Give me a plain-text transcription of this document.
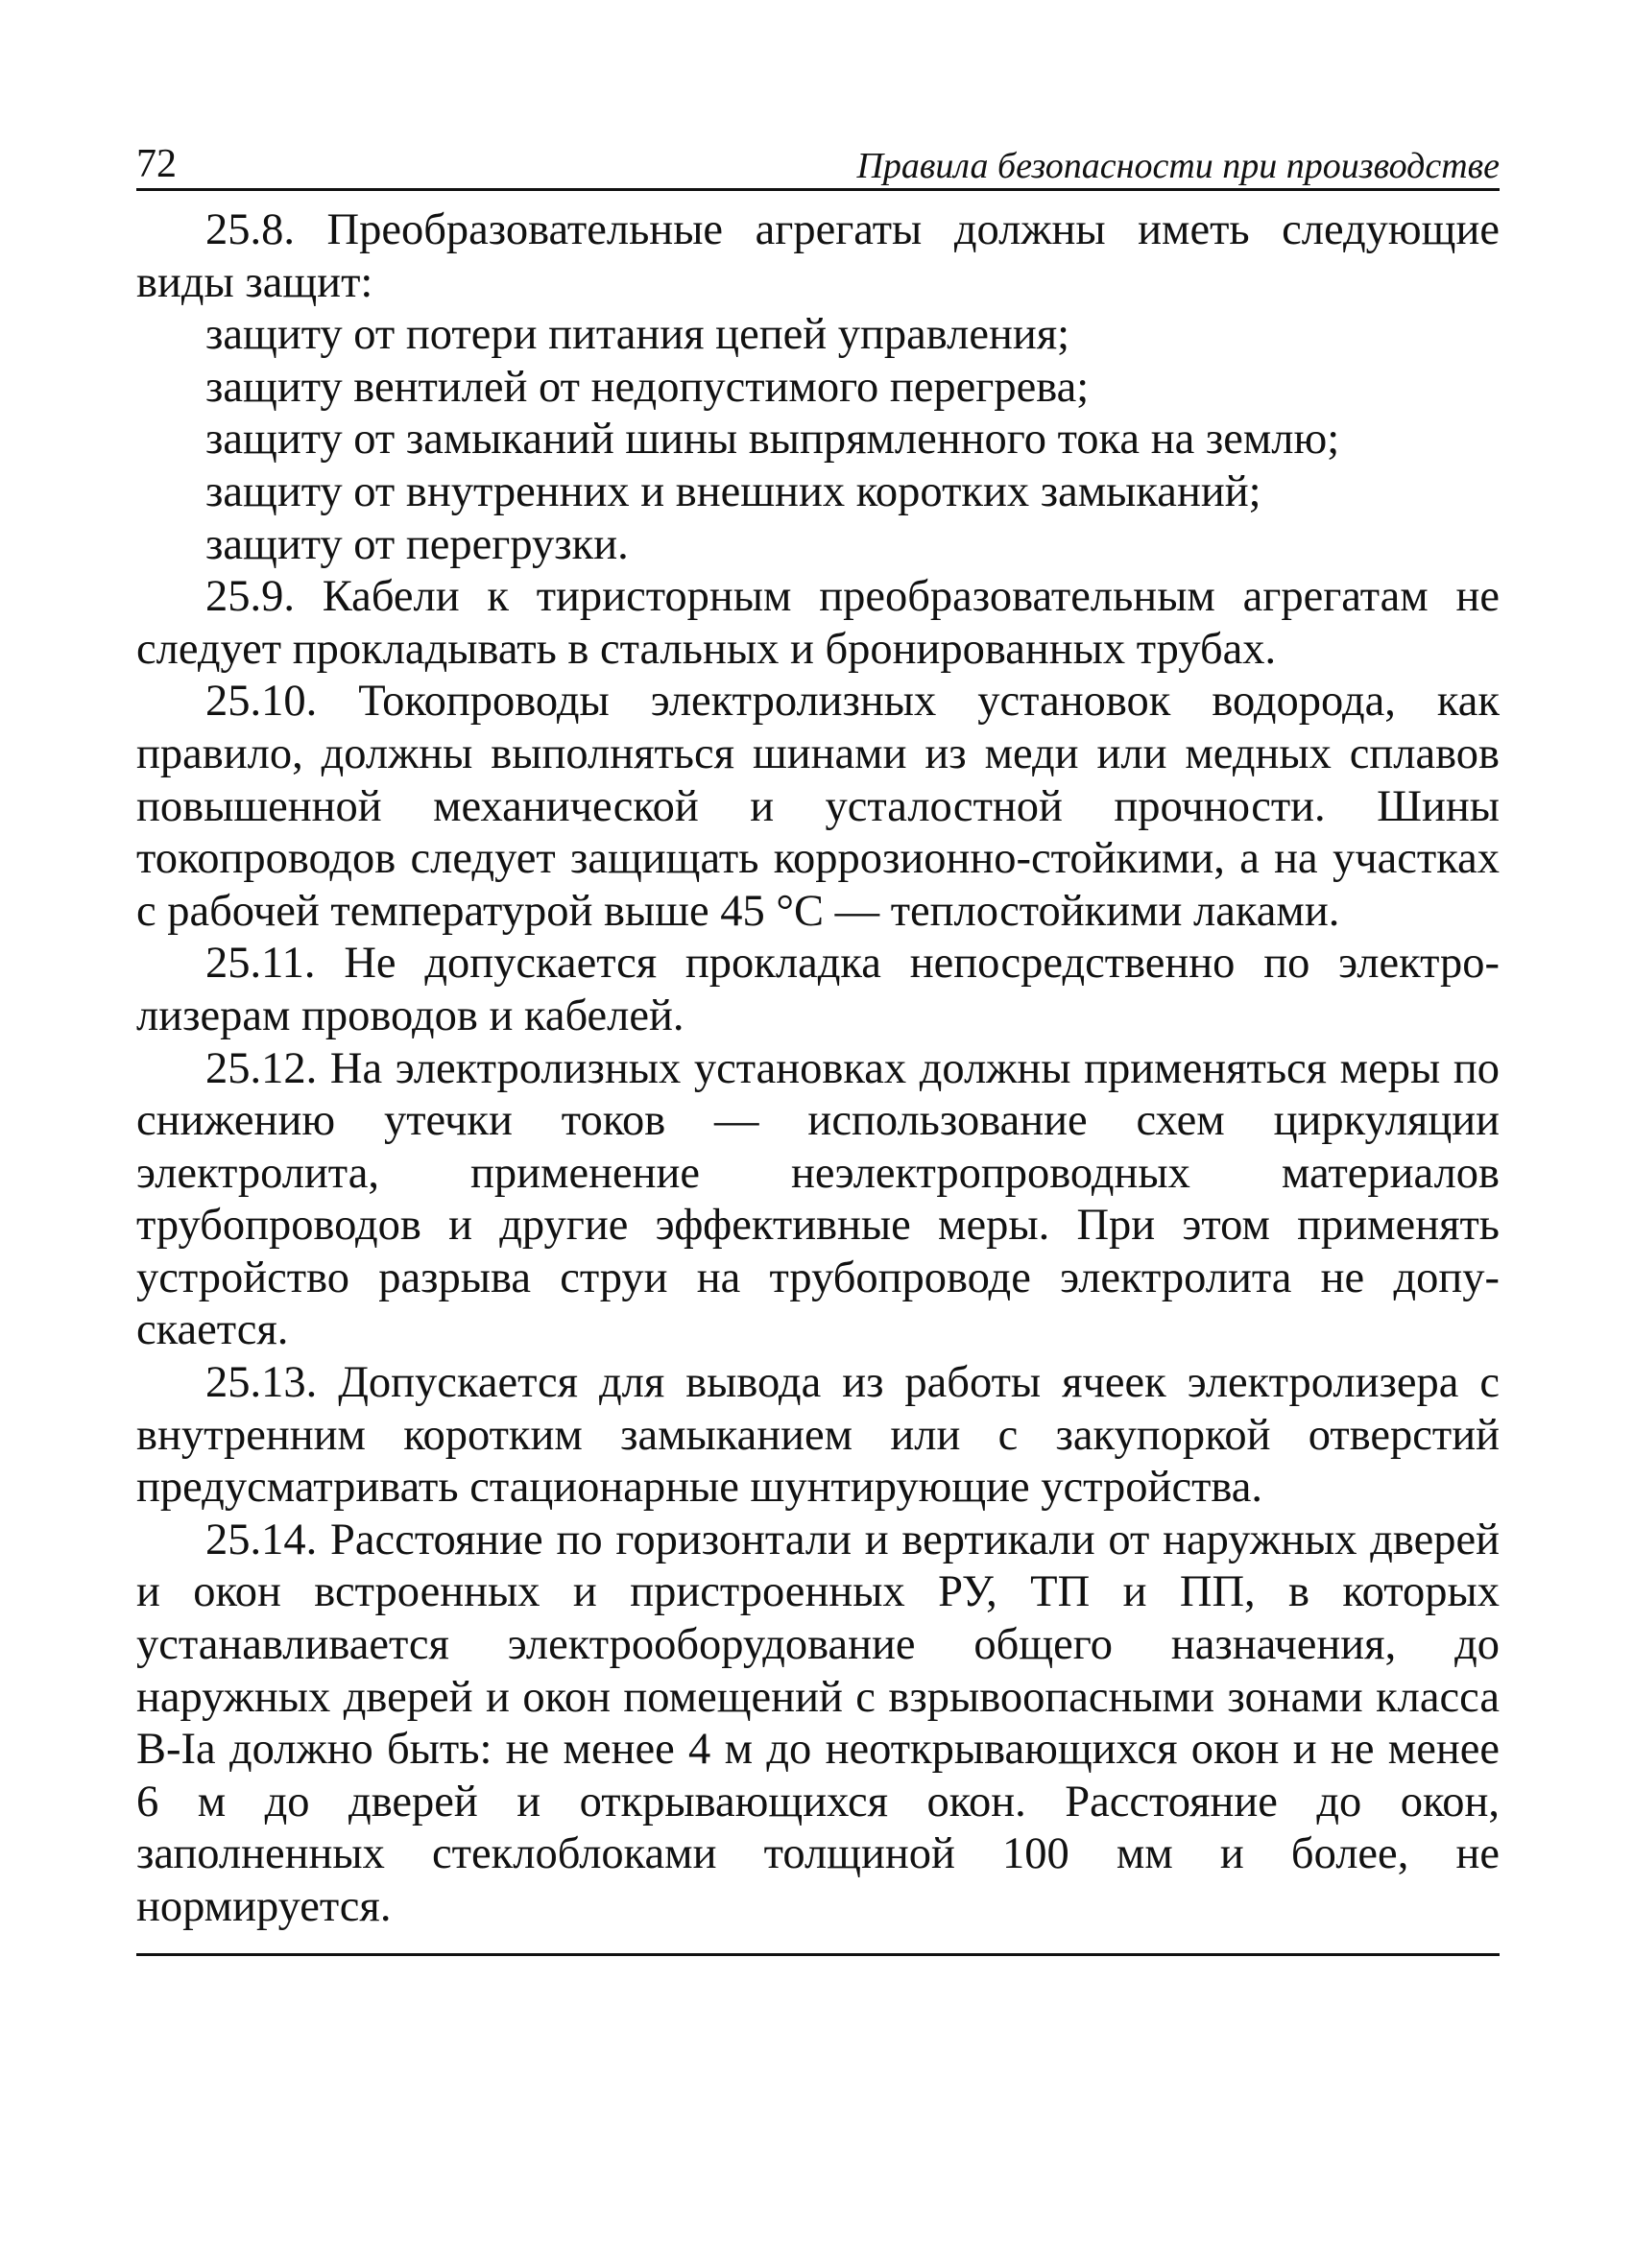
72	Правила безопасности при производстве

25.8. Преобразовательные агрегаты должны иметь следующие виды защит:

защиту от потери питания цепей управления;
защиту вентилей от недопустимого перегрева;
защиту от замыканий шины выпрямленного тока на землю;
защиту от внутренних и внешних коротких замыканий;
защиту от перегрузки.

25.9. Кабели к тиристорным преобразовательным агрегатам не следует прокладывать в стальных и бронированных трубах.

25.10. Токопроводы электролизных установок водорода, как правило, должны выполняться шинами из меди или медных сплавов повышенной механической и усталостной прочности. Шины токопроводов следует защищать коррозионно-стойкими, а на участках с рабочей температурой выше 45 °С — теплостойкими лаками.

25.11. Не допускается прокладка непосредственно по электролизерам проводов и кабелей.

25.12. На электролизных установках должны применяться меры по снижению утечки токов — использование схем циркуляции электролита, применение неэлектропроводных материалов трубопроводов и другие эффективные меры. При этом применять устройство разрыва струи на трубопроводе электролита не допускается.

25.13. Допускается для вывода из работы ячеек электролизера с внутренним коротким замыканием или с закупоркой отверстий предусматривать стационарные шунтирующие устройства.

25.14. Расстояние по горизонтали и вертикали от наружных дверей и окон встроенных и пристроенных РУ, ТП и ПП, в которых устанавливается электрооборудование общего назначения, до наружных дверей и окон помещений с взрывоопасными зонами класса В-Iа должно быть: не менее 4 м до неоткрывающихся окон и не менее 6 м до дверей и открывающихся окон. Расстояние до окон, заполненных стеклоблоками толщиной 100 мм и более, не нормируется.
